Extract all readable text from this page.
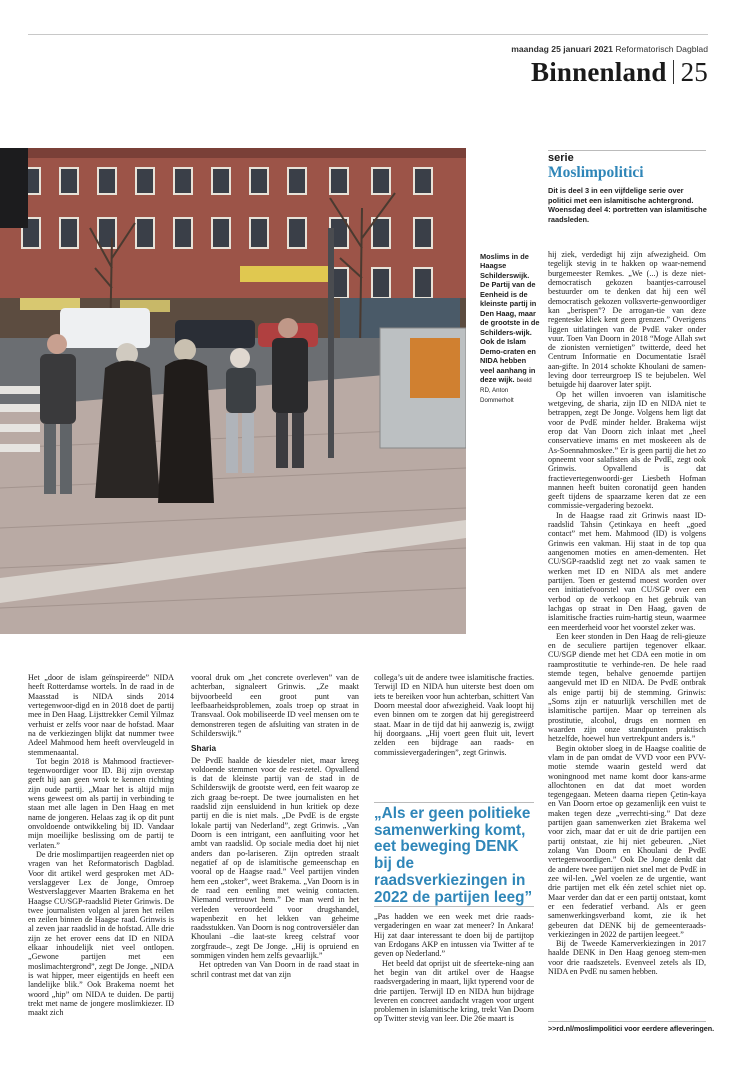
maandag 25 januari 2021 Reformatorisch Dagblad
Binnenland 25
Moslims in de Haagse Schilderswijk. De Partij van de Eenheid is de kleinste partij in Den Haag, maar de grootste in de Schilders-wijk. Ook de Islam Demo-craten en NIDA hebben veel aanhang in deze wijk. beeld RD, Anton Dommerholt
serie
Moslimpolitici
Dit is deel 3 in een vijfdelige serie over politici met een islamitische achtergrond. Woensdag deel 4: portretten van islamitische raadsleden.

Het „door de islam geïnspireerde” NIDA heeft Rotterdamse wortels. In de raad in de Maasstad is NIDA sinds 2014 vertegenwoor-digd en in 2018 doet de partij mee in Den Haag. Lijsttrekker Cemil Yilmaz verhuist er zelfs voor naar de hofstad. Maar na de verkiezingen blijkt dat nummer twee Adeel Mahmood hem heeft overvleugeld in stemmenaantal.

Tot begin 2018 is Mahmood fractiever-tegenwoordiger voor ID. Bij zijn overstap geeft hij aan geen wrok te kennen richting zijn oude partij. „Maar het is altijd mijn wens geweest om als partij in verbinding te staan met alle lagen in Den Haag en met name de jongeren. Helaas zag ik op dit punt onvoldoende ontwikkeling bij ID. Vandaar mijn moeilijke beslissing om de partij te verlaten.”

De drie moslimpartijen reageerden niet op vragen van het Reformatorisch Dagblad. Voor dit artikel werd gesproken met AD-verslaggever Lex de Jonge, Omroep Westverslaggever Maarten Brakema en het Haagse CU/SGP-raadslid Pieter Grinwis. De twee journalisten volgen al jaren het reilen en zeilen binnen de Haagse raad. Grinwis is al zeven jaar raadslid in de hofstad. Alle drie zijn ze het erover eens dat ID en NIDA elkaar inhoudelijk niet veel ontlopen. „Gewone partijen met een moslimachtergrond”, zegt De Jonge. „NIDA is wat hipper, meer eigentijds en heeft een landelijke blik.” Ook Brakema noemt het woord „hip” om NIDA te duiden. De partij trekt met name de jongere moslimkiezer. ID maakt zich

vooral druk om „het concrete overleven” van de achterban, signaleert Grinwis. „Ze maakt bijvoorbeeld een groot punt van leefbaarheidsproblemen, zoals troep op straat in Transvaal. Ook mobiliseerde ID veel mensen om te demonstreren tegen de afsluiting van straten in de Schilderswijk.”

Sharia

De PvdE haalde de kiesdeler niet, maar kreeg voldoende stemmen voor de rest-zetel. Opvallend is dat de kleinste partij van de stad in de Schilderswijk de grootste werd, een feit waarop ze zich graag be-roept. De twee journalisten en het raadslid zijn eensluidend in hun kritiek op deze partij en die is niet mals. „De PvdE is de ergste lokale partij van Nederland”, zegt Grinwis. „Van Doorn is een intrigant, een aanfluiting voor het ambt van raadslid. Op sociale media doet hij niet anders dan po-lariseren. Zijn optreden straalt negatief af op de islamitische gemeenschap en vooral op de Haagse raad.” Veel partijen vinden hem een „stoker”, weet Brakema. „Van Doorn is in de raad een eenling met weinig contacten. Niemand vertrouwt hem.” De man werd in het verleden veroordeeld voor drugshandel, wapenbezit en het lekken van geheime raadsstukken. Van Doorn is nog controversiëler dan Khoulani –die laat-ste kreeg celstraf voor zorgfraude–, zegt De Jonge. „Hij is opruiend en sommigen vinden hem zelfs gevaarlijk.”

Het optreden van Van Doorn in de raad staat in schril contrast met dat van zijn

collega’s uit de andere twee islamitische fracties. Terwijl ID en NIDA hun uiterste best doen om iets te bereiken voor hun achterban, schittert Van Doorn meestal door afwezigheid. Vaak loopt hij even binnen om te zorgen dat hij geregistreerd staat. Maar in de tijd dat hij aanwezig is, zwijgt hij doorgaans. „Hij voert geen fluit uit, levert zelden een bijdrage aan raads- en commissievergaderingen”, zegt Grinwis.

„Als er geen politieke samenwerking komt, eet beweging DENK bij de raadsverkiezingen in 2022 de partijen leeg”

„Pas hadden we een week met drie raads-vergaderingen en waar zat meneer? In Ankara! Hij zat daar interessant te doen bij de partijtop van Erdogans AKP en intussen via Twitter af te geven op Nederland.”

Het beeld dat oprijst uit de sfeerteke-ning aan het begin van dit artikel over de Haagse raadsvergadering in maart, lijkt typerend voor de drie partijen. Terwijl ID en NIDA hun bijdrage leveren en concreet aandacht vragen voor urgent problemen in islamitische kring, trekt Van Doorn op Twitter stevig van leer. Die 26e maart is

hij ziek, verdedigt hij zijn afwezigheid. Om tegelijk stevig in te hakken op waar-nemend burgemeester Remkes. „We (...) is deze niet-democratisch gekozen baantjes-carrousel bestuurder om te denken dat hij een wél democratisch gekozen volksverte-genwoordiger kan „berispen”? De arrogan-tie van deze regenteske kliek kent geen grenzen.” Overigens liggen uitlatingen van de PvdE vaker onder vuur. Toen Van Doorn in 2018 “Moge Allah swt de zionisten vernietigen” twitterde, deed het Centrum Informatie en Documentatie Israël aan-gifte. In 2014 schokte Khoulani de samen-leving door terreurgroep IS te bejubelen. Wel betuigde hij daarover later spijt.

Op het willen invoeren van islamitische wetgeving, de sharia, zijn ID en NIDA niet te betrappen, zegt De Jonge. Volgens hem ligt dat voor de PvdE minder helder. Brakema wijst erop dat Van Doorn zich inlaat met „heel conservatieve imams en met moskeeen als de As-Soennahmoskee.” Er is geen partij die het zo opneemt voor salafisten als de PvdE, zegt ook Grinwis. Opvallend is dat fractievertegenwoordi-ger Liesbeth Hofman mannen heeft buiten coronatijd geen handen geeft tijdens de spaarzame keren dat ze een commissie-vergadering bezoekt.

In de Haagse raad zit Grinwis naast ID-raadslid Tahsin Çetinkaya en heeft „goed contact” met hem. Mahmood (ID) is volgens Grinwis een vakman. Hij staat in de top qua aangenomen moties en amen-dementen. Het CU/SGP-raadslid zegt net zo vaak samen te werken met ID en NIDA als met andere partijen. Toen er gestemd moest worden over een initiatiefvoorstel van CU/SGP over een verbod op de verkoop en het gebruik van lachgas op straat in Den Haag, gaven de islamitische fracties ruim-hartig steun, waarmee een meerderheid voor het voorstel zeker was.

Een keer stonden in Den Haag de reli-gieuze en de seculiere partijen tegenover elkaar. CU/SGP diende met het CDA een motie in om raamprostitutie te verhinde-ren. De hele raad stemde tegen, behalve genoemde partijen aangevuld met ID en NIDA. De PvdE ontbrak als enige partij bij de stemming. Grinwis: „Soms zijn er natuurlijk verschillen met de islamitische partijen. Maar op terreinen als prostitutie, alcohol, drugs en normen en waarden zijn onze standpunten praktisch hetzelfde, hoewel hun vertrekpunt anders is.”

Begin oktober sloeg in de Haagse coalitie de vlam in de pan omdat de VVD voor een PVV-motie stemde waarin gesteld werd dat woningnood met name komt door kans-arme allochtonen en dat dat moet worden tegengegaan. Meteen daarna riepen Çetin-kaya en Van Doorn ertoe op gezamenlijk een vuist te maken tegen deze „verrechti-sing.” Dat deze partijen gaan samenwerken ziet Brakema wel voor zich, maar dat er uit de drie partijen een partij ontstaat, zie hij niet gebeuren. „Niet zolang Van Doorn en Khoulani de PvdE vertegenwoordigen.” Ook De Jonge denkt dat de andere twee partijen niet snel met de PvdE in zee wil-len. „Wel voelen ze de urgentie, want drie partijen met elk één zetel schiet niet op. Maar verder dan dat er een partij ontstaat, komt er een federatief verband. Als er geen samenwerkingsverband komt, zie ik het gebeuren dat DENK bij de gemeenteraads-verkiezingen in 2022 de partijen leegeet.”

Bij de Tweede Kamerverkiezingen in 2017 haalde DENK in Den Haag genoeg stem-men voor drie raadszetels. Evenveel zetels als ID, NIDA en PvdE nu samen hebben.

>>rd.nl/moslimpolitici voor eerdere afleveringen.
